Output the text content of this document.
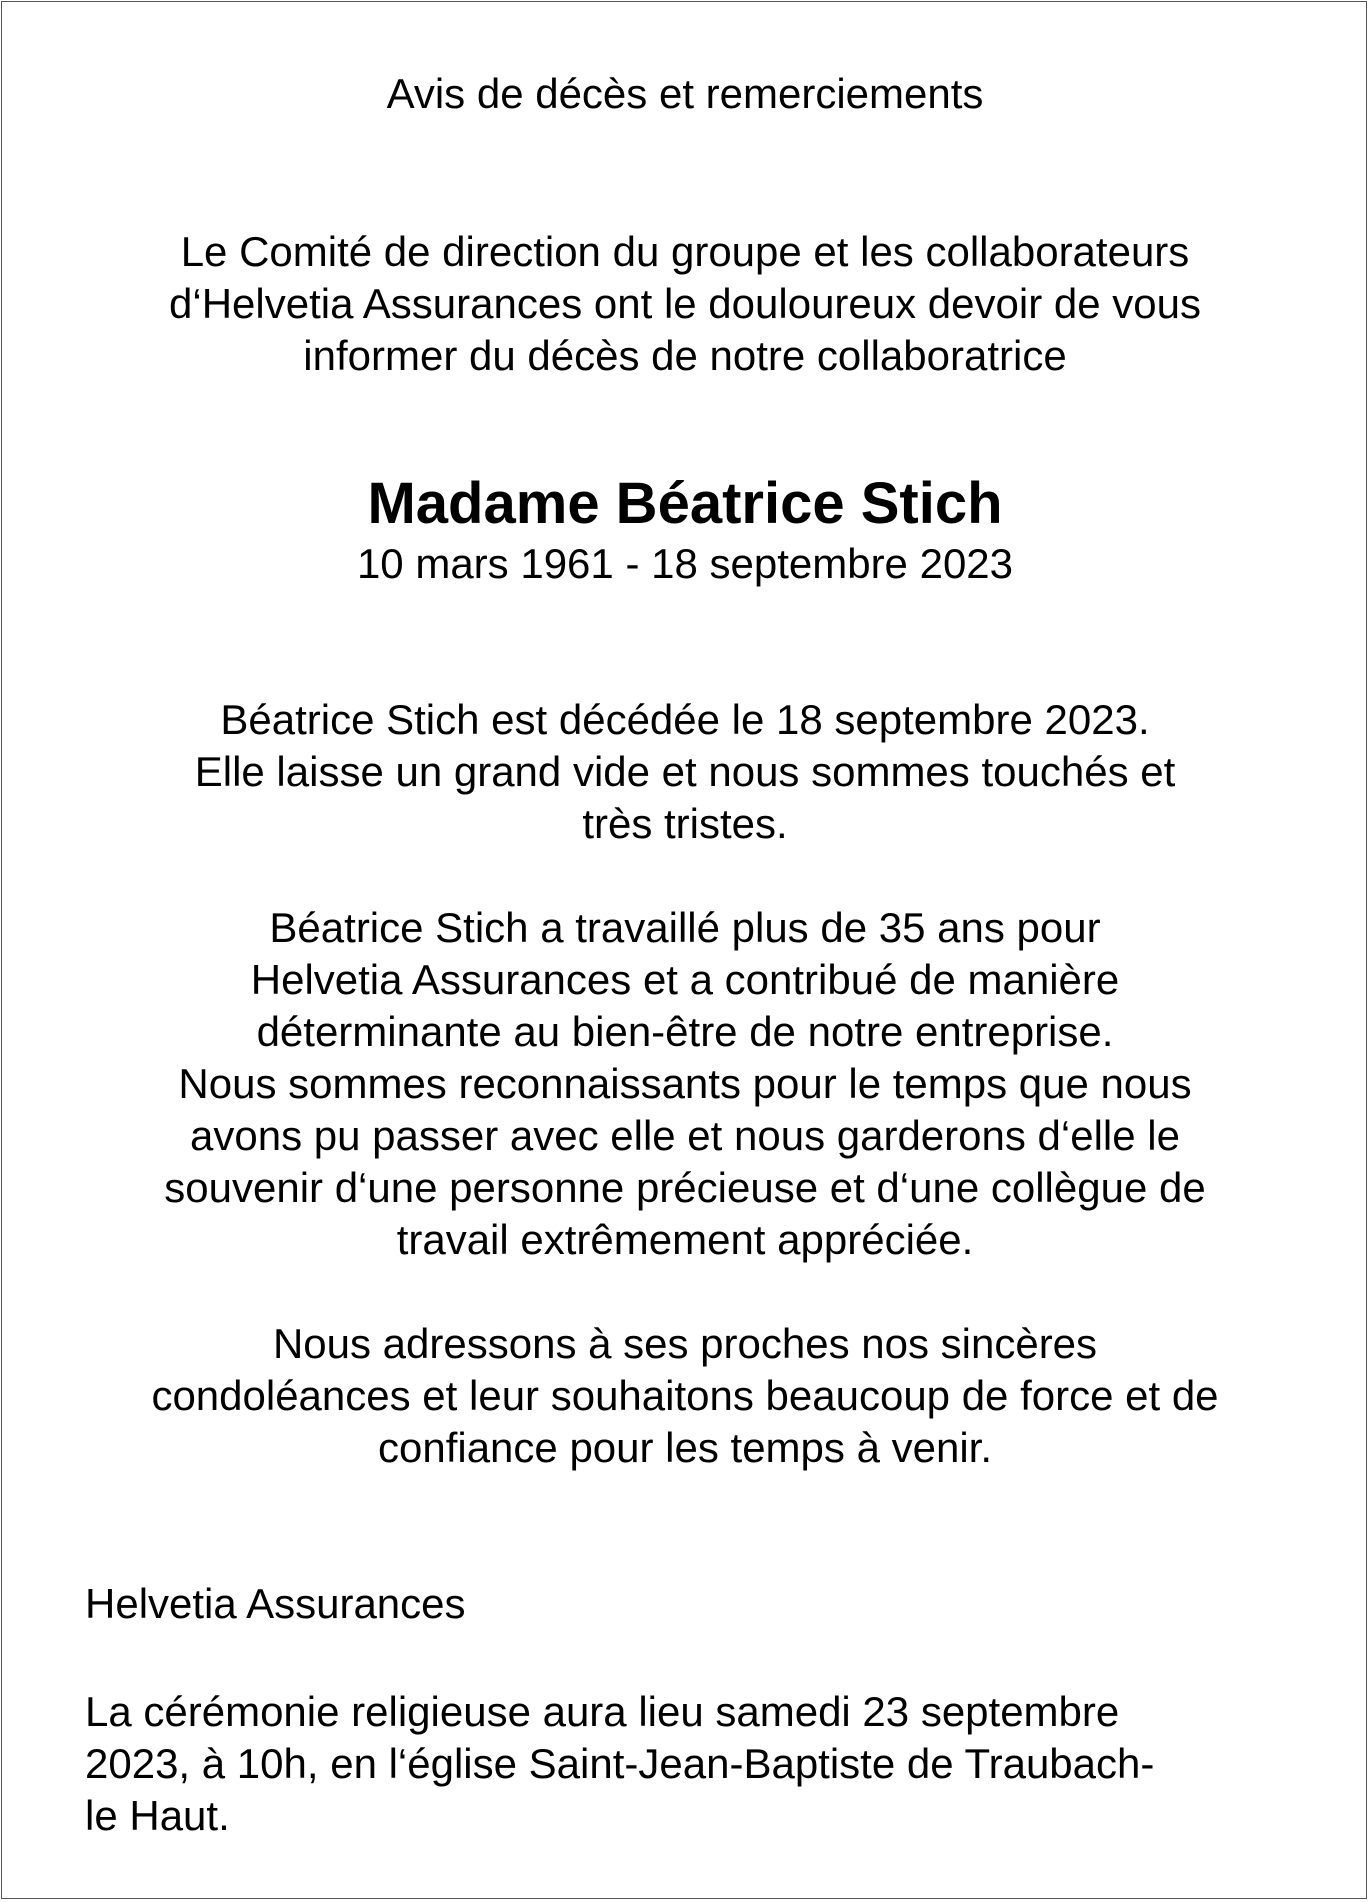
Avis de décès et remerciements

Le Comité de direction du groupe et les collaborateurs
d‘Helvetia Assurances ont le douloureux devoir de vous
informer du décès de notre collaboratrice

Madame Béatrice Stich

10 mars 1961 - 18 septembre 2023

Béatrice Stich est décédée le 18 septembre 2023.
Elle laisse un grand vide et nous sommes touchés et
très tristes.

Béatrice Stich a travaillé plus de 35 ans pour
Helvetia Assurances et a contribué de manière
déterminante au bien-être de notre entreprise.
Nous sommes reconnaissants pour le temps que nous
avons pu passer avec elle et nous garderons d‘elle le
souvenir d‘une personne précieuse et d‘une collègue de
travail extrêmement appréciée.

Nous adressons à ses proches nos sincères
condoléances et leur souhaitons beaucoup de force et de
confiance pour les temps à venir.

Helvetia Assurances

La cérémonie religieuse aura lieu samedi 23 septembre
2023, à 10h, en l‘église Saint-Jean-Baptiste de Traubach-
le Haut.
